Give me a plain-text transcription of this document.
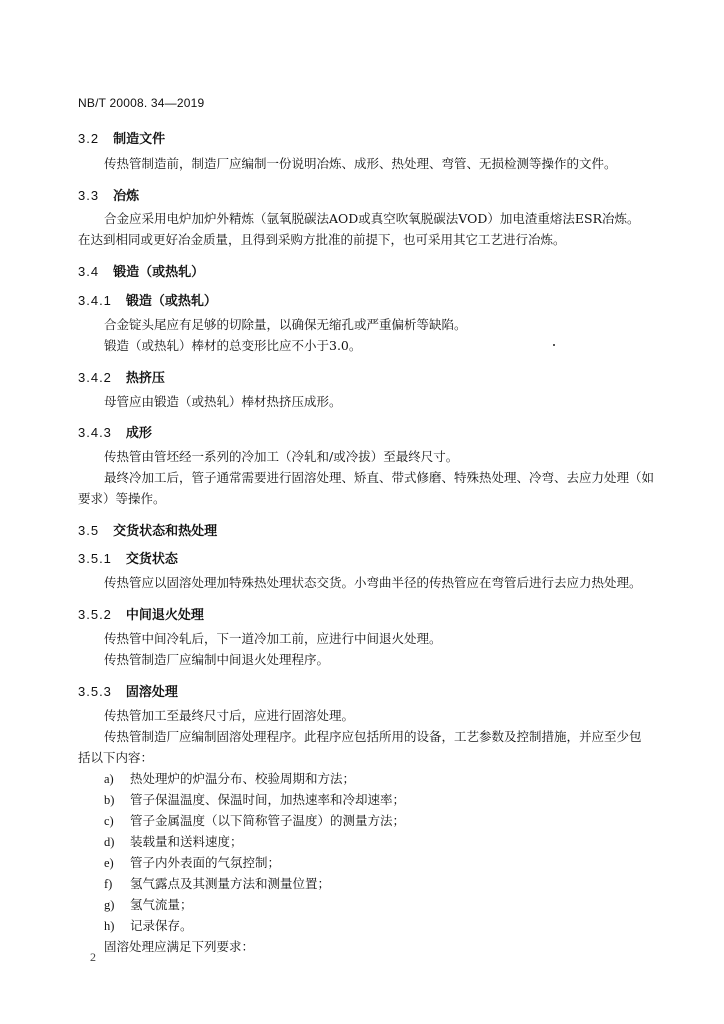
NB/T 20008. 34—2019
3.2 制造文件
传热管制造前，制造厂应编制一份说明冶炼、成形、热处理、弯管、无损检测等操作的文件。
3.3 冶炼
合金应采用电炉加炉外精炼（氩氧脱碳法AOD或真空吹氧脱碳法VOD）加电渣重熔法ESR冶炼。
在达到相同或更好冶金质量，且得到采购方批准的前提下，也可采用其它工艺进行冶炼。
3.4 锻造（或热轧）
3.4.1 锻造（或热轧）
合金锭头尾应有足够的切除量，以确保无缩孔或严重偏析等缺陷。
锻造（或热轧）棒材的总变形比应不小于3.0。
3.4.2 热挤压
母管应由锻造（或热轧）棒材热挤压成形。
3.4.3 成形
传热管由管坯经一系列的冷加工（冷轧和/或冷拔）至最终尺寸。
最终冷加工后，管子通常需要进行固溶处理、矫直、带式修磨、特殊热处理、冷弯、去应力处理（如
要求）等操作。
3.5 交货状态和热处理
3.5.1 交货状态
传热管应以固溶处理加特殊热处理状态交货。小弯曲半径的传热管应在弯管后进行去应力热处理。
3.5.2 中间退火处理
传热管中间冷轧后，下一道冷加工前，应进行中间退火处理。
传热管制造厂应编制中间退火处理程序。
3.5.3 固溶处理
传热管加工至最终尺寸后，应进行固溶处理。
传热管制造厂应编制固溶处理程序。此程序应包括所用的设备，工艺参数及控制措施，并应至少包
括以下内容：
a) 热处理炉的炉温分布、校验周期和方法；
b) 管子保温温度、保温时间，加热速率和冷却速率；
c) 管子金属温度（以下简称管子温度）的测量方法；
d) 装载量和送料速度；
e) 管子内外表面的气氛控制；
f) 氢气露点及其测量方法和测量位置；
g) 氢气流量；
h) 记录保存。
固溶处理应满足下列要求：
2
